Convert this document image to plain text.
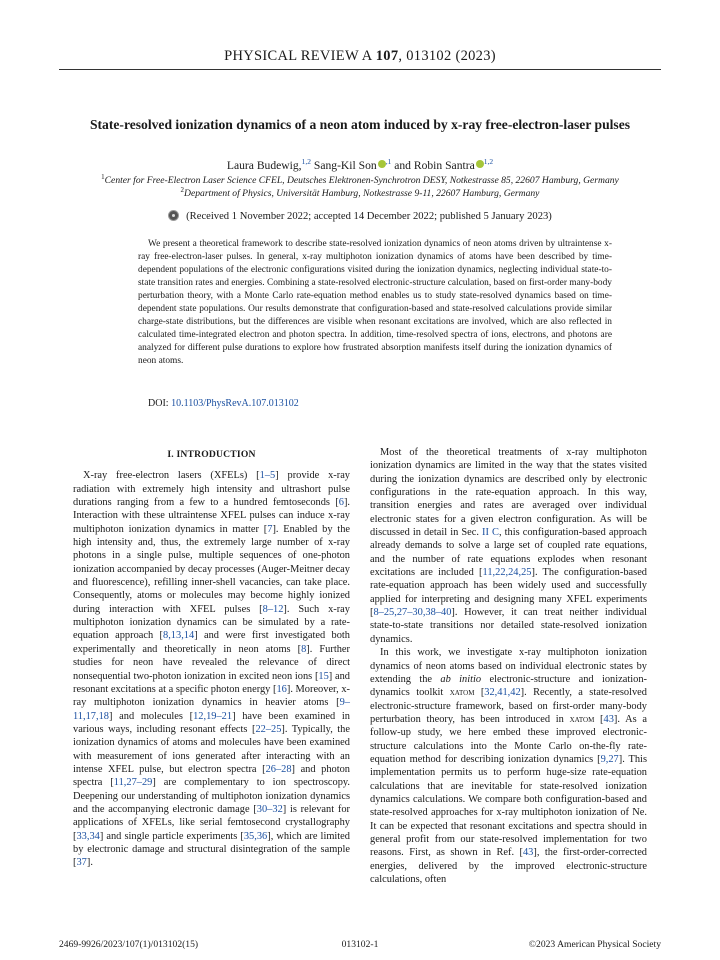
PHYSICAL REVIEW A 107, 013102 (2023)
State-resolved ionization dynamics of a neon atom induced by x-ray free-electron-laser pulses
Laura Budewig,$^{1,2}$ Sang-Kil Son $^{,1}$ and Robin Santra $^{1,2}$
$^1$Center for Free-Electron Laser Science CFEL, Deutsches Elektronen-Synchrotron DESY, Notkestrasse 85, 22607 Hamburg, Germany
$^2$Department of Physics, Universität Hamburg, Notkestrasse 9-11, 22607 Hamburg, Germany
(Received 1 November 2022; accepted 14 December 2022; published 5 January 2023)

We present a theoretical framework to describe state-resolved ionization dynamics of neon atoms driven by ultraintense x-ray free-electron-laser pulses. In general, x-ray multiphoton ionization dynamics of atoms have been described by time-dependent populations of the electronic configurations visited during the ionization dynamics, neglecting individual state-to-state transition rates and energies. Combining a state-resolved electronic-structure calculation, based on first-order many-body perturbation theory, with a Monte Carlo rate-equation method enables us to study state-resolved dynamics based on time-dependent state populations. Our results demonstrate that configuration-based and state-resolved calculations provide similar charge-state distributions, but the differences are visible when resonant excitations are involved, which are also reflected in calculated time-integrated electron and photon spectra. In addition, time-resolved spectra of ions, electrons, and photons are analyzed for different pulse durations to explore how frustrated absorption manifests itself during the ionization dynamics of neon atoms.

DOI: 10.1103/PhysRevA.107.013102
I. INTRODUCTION

X-ray free-electron lasers (XFELs) [1–5] provide x-ray radiation with extremely high intensity and ultrashort pulse durations ranging from a few to a hundred femtoseconds [6]. Interaction with these ultraintense XFEL pulses can induce x-ray multiphoton ionization dynamics in matter [7]. Enabled by the high intensity and, thus, the extremely large number of x-ray photons in a single pulse, multiple sequences of one-photon ionization accompanied by decay processes (Auger-Meitner decay and fluorescence), refilling inner-shell vacancies, can take place. Consequently, atoms or molecules may become highly ionized during interaction with XFEL pulses [8–12]. Such x-ray multiphoton ionization dynamics can be simulated by a rate-equation approach [8,13,14] and were first investigated both experimentally and theoretically in neon atoms [8]. Further studies for neon have revealed the relevance of direct nonsequential two-photon ionization in excited neon ions [15] and resonant excitations at a specific photon energy [16]. Moreover, x-ray multiphoton ionization dynamics in heavier atoms [9–11,17,18] and molecules [12,19–21] have been examined in various ways, including resonant effects [22–25]. Typically, the ionization dynamics of atoms and molecules have been examined with measurement of ions generated after interacting with an intense XFEL pulse, but electron spectra [26–28] and photon spectra [11,27–29] are complementary to ion spectroscopy. Deepening our understanding of multiphoton ionization dynamics and the accompanying electronic damage [30–32] is relevant for applications of XFELs, like serial femtosecond crystallography [33,34] and single particle experiments [35,36], which are limited by electronic damage and structural disintegration of the sample [37].

Most of the theoretical treatments of x-ray multiphoton ionization dynamics are limited in the way that the states visited during the ionization dynamics are described only by electronic configurations in the rate-equation approach. In this way, transition energies and rates are averaged over individual electronic states for a given electron configuration. As will be discussed in detail in Sec. II C, this configuration-based approach already demands to solve a large set of coupled rate equations, and the number of rate equations explodes when resonant excitations are included [11,22,24,25]. The configuration-based rate-equation approach has been widely used and successfully applied for interpreting and designing many XFEL experiments [8–25,27–30,38–40]. However, it can treat neither individual state-to-state transitions nor detailed state-resolved ionization dynamics.

In this work, we investigate x-ray multiphoton ionization dynamics of neon atoms based on individual electronic states by extending the ab initio electronic-structure and ionization-dynamics toolkit xatom [32,41,42]. Recently, a state-resolved electronic-structure framework, based on first-order many-body perturbation theory, has been introduced in xatom [43]. As a follow-up study, we here embed these improved electronic-structure calculations into the Monte Carlo on-the-fly rate-equation method for describing ionization dynamics [9,27]. This implementation permits us to perform huge-size rate-equation calculations that are inevitable for state-resolved ionization dynamics calculations. We compare both configuration-based and state-resolved approaches for x-ray multiphoton ionization of Ne. It can be expected that resonant excitations and spectra should in general profit from our state-resolved implementation for two reasons. First, as shown in Ref. [43], the first-order-corrected energies, delivered by the improved electronic-structure calculations, often

2469-9926/2023/107(1)/013102(15)	013102-1	©2023 American Physical Society
